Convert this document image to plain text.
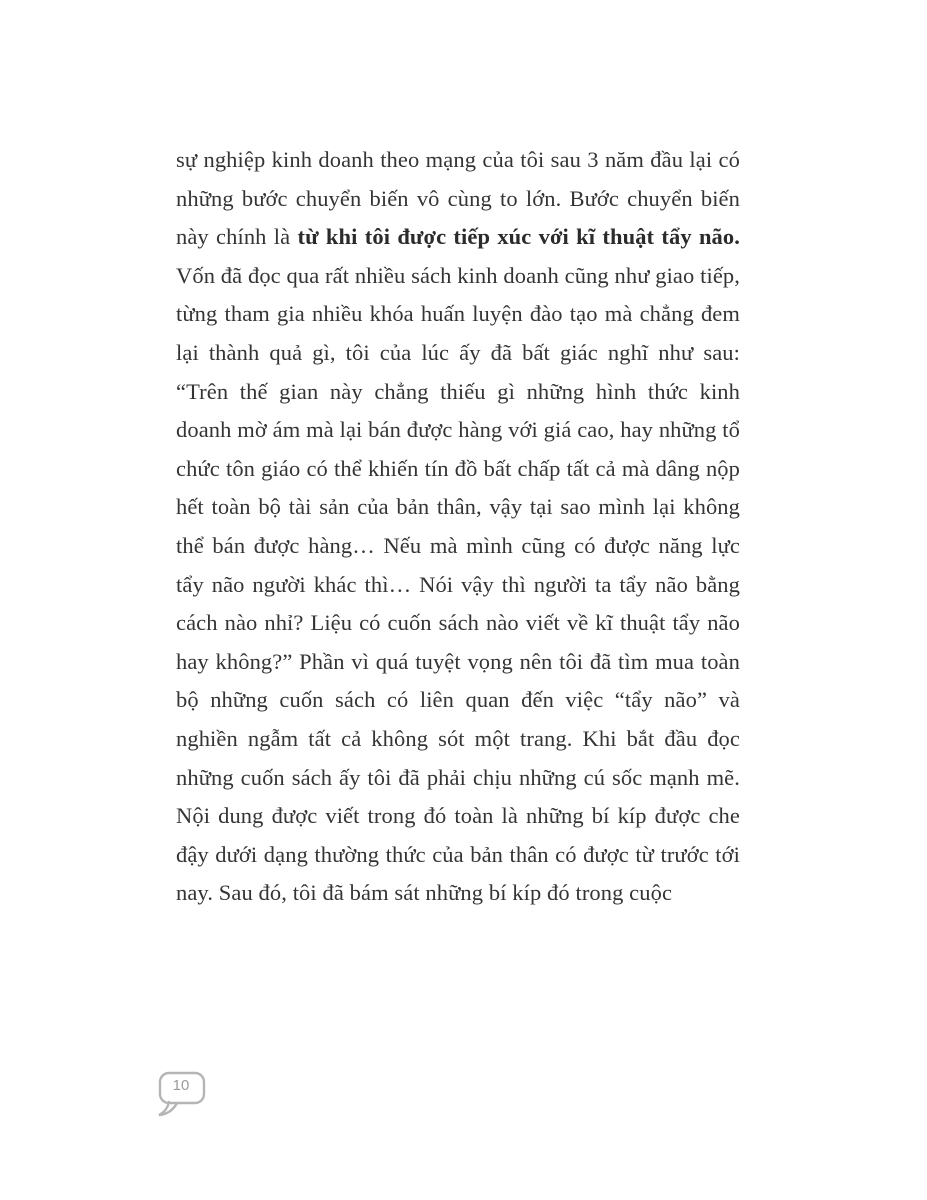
sự nghiệp kinh doanh theo mạng của tôi sau 3 năm đầu lại có những bước chuyển biến vô cùng to lớn. Bước chuyển biến này chính là từ khi tôi được tiếp xúc với kĩ thuật tẩy não. Vốn đã đọc qua rất nhiều sách kinh doanh cũng như giao tiếp, từng tham gia nhiều khóa huấn luyện đào tạo mà chẳng đem lại thành quả gì, tôi của lúc ấy đã bất giác nghĩ như sau: “Trên thế gian này chẳng thiếu gì những hình thức kinh doanh mờ ám mà lại bán được hàng với giá cao, hay những tổ chức tôn giáo có thể khiến tín đồ bất chấp tất cả mà dâng nộp hết toàn bộ tài sản của bản thân, vậy tại sao mình lại không thể bán được hàng… Nếu mà mình cũng có được năng lực tẩy não người khác thì… Nói vậy thì người ta tẩy não bằng cách nào nhỉ? Liệu có cuốn sách nào viết về kĩ thuật tẩy não hay không?” Phần vì quá tuyệt vọng nên tôi đã tìm mua toàn bộ những cuốn sách có liên quan đến việc “tẩy não” và nghiền ngẫm tất cả không sót một trang. Khi bắt đầu đọc những cuốn sách ấy tôi đã phải chịu những cú sốc mạnh mẽ. Nội dung được viết trong đó toàn là những bí kíp được che đậy dưới dạng thường thức của bản thân có được từ trước tới nay. Sau đó, tôi đã bám sát những bí kíp đó trong cuộc

10
